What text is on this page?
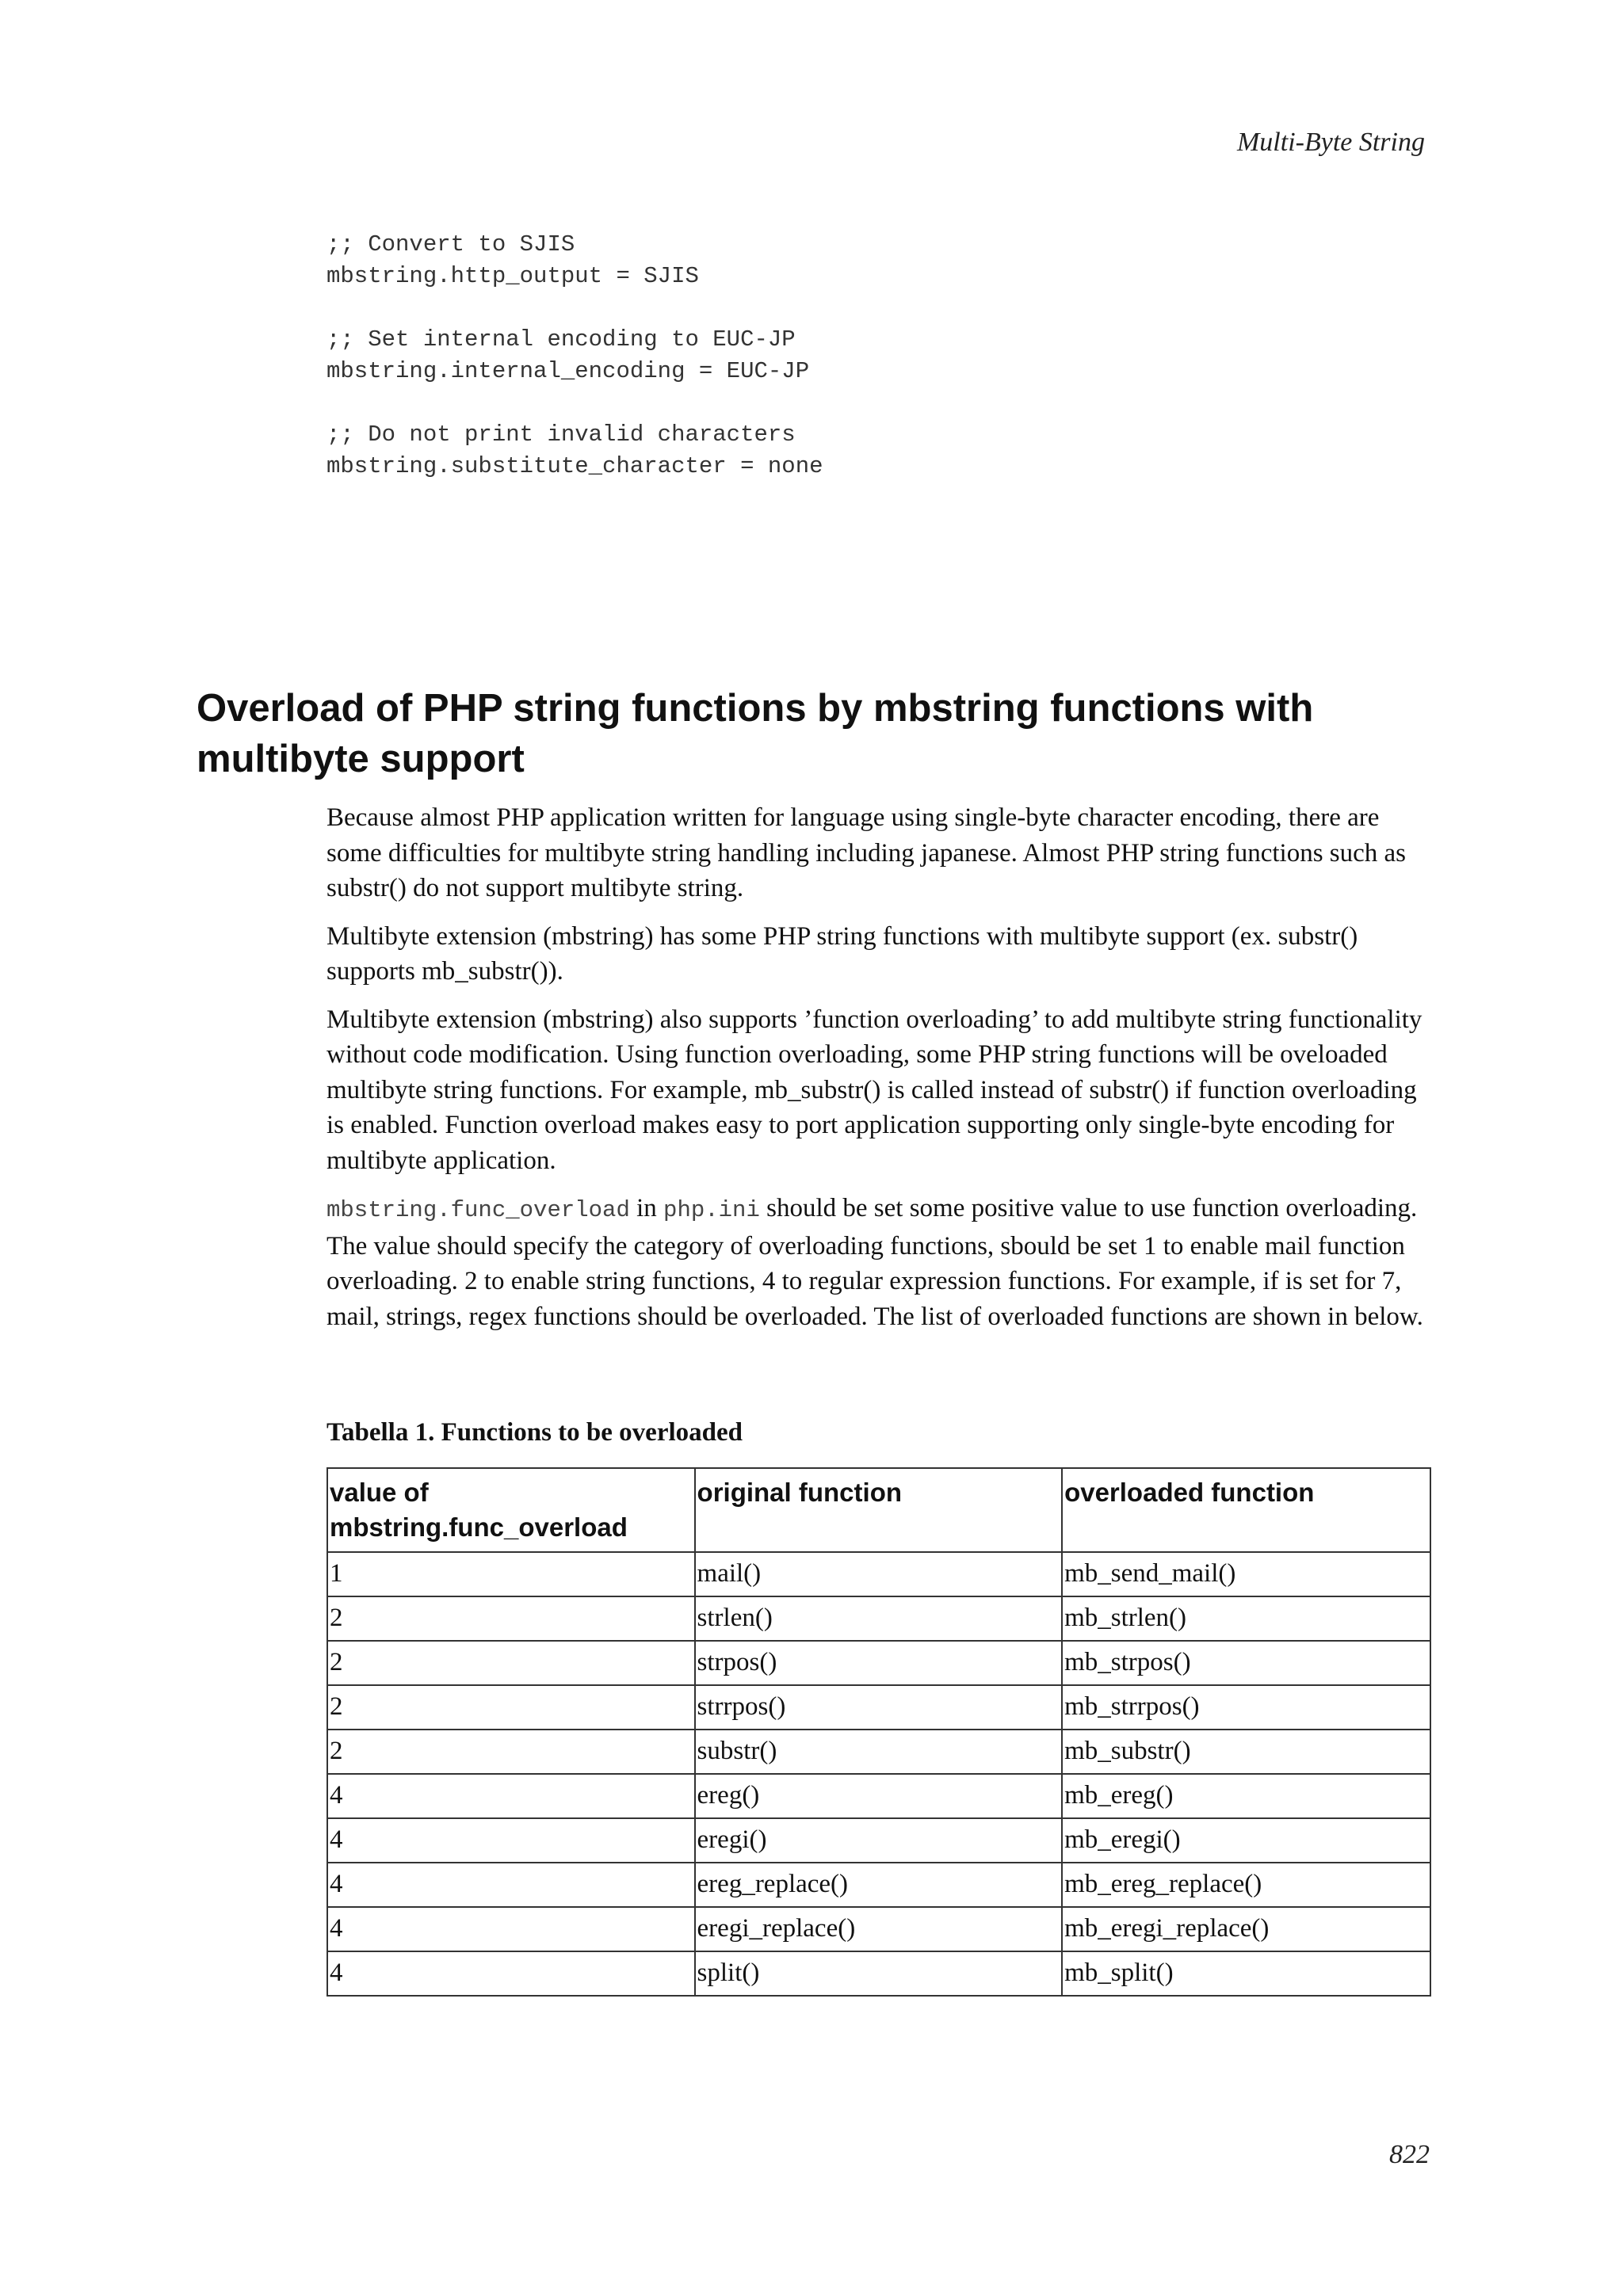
Multi-Byte String
;; Convert to SJIS
mbstring.http_output = SJIS
;; Set internal encoding to EUC-JP
mbstring.internal_encoding = EUC-JP
;; Do not print invalid characters
mbstring.substitute_character = none
Overload of PHP string functions by mbstring functions with multibyte support

Because almost PHP application written for language using single-byte character encoding, there are some difficulties for multibyte string handling including japanese. Almost PHP string functions such as substr() do not support multibyte string.

Multibyte extension (mbstring) has some PHP string functions with multibyte support (ex. substr() supports mb_substr()).

Multibyte extension (mbstring) also supports ’function overloading’ to add multibyte string functionality without code modification. Using function overloading, some PHP string functions will be oveloaded multibyte string functions. For example, mb_substr() is called instead of substr() if function overloading is enabled. Function overload makes easy to port application supporting only single-byte encoding for multibyte application.

mbstring.func_overload in php.ini should be set some positive value to use function overloading. The value should specify the category of overloading functions, sbould be set 1 to enable mail function overloading. 2 to enable string functions, 4 to regular expression functions. For example, if is set for 7, mail, strings, regex functions should be overloaded. The list of overloaded functions are shown in below.

Tabella 1. Functions to be overloaded
value of mbstring.func_overload	original function	overloaded function
1	mail()	mb_send_mail()
2	strlen()	mb_strlen()
2	strpos()	mb_strpos()
2	strrpos()	mb_strrpos()
2	substr()	mb_substr()
4	ereg()	mb_ereg()
4	eregi()	mb_eregi()
4	ereg_replace()	mb_ereg_replace()
4	eregi_replace()	mb_eregi_replace()
4	split()	mb_split()
822
